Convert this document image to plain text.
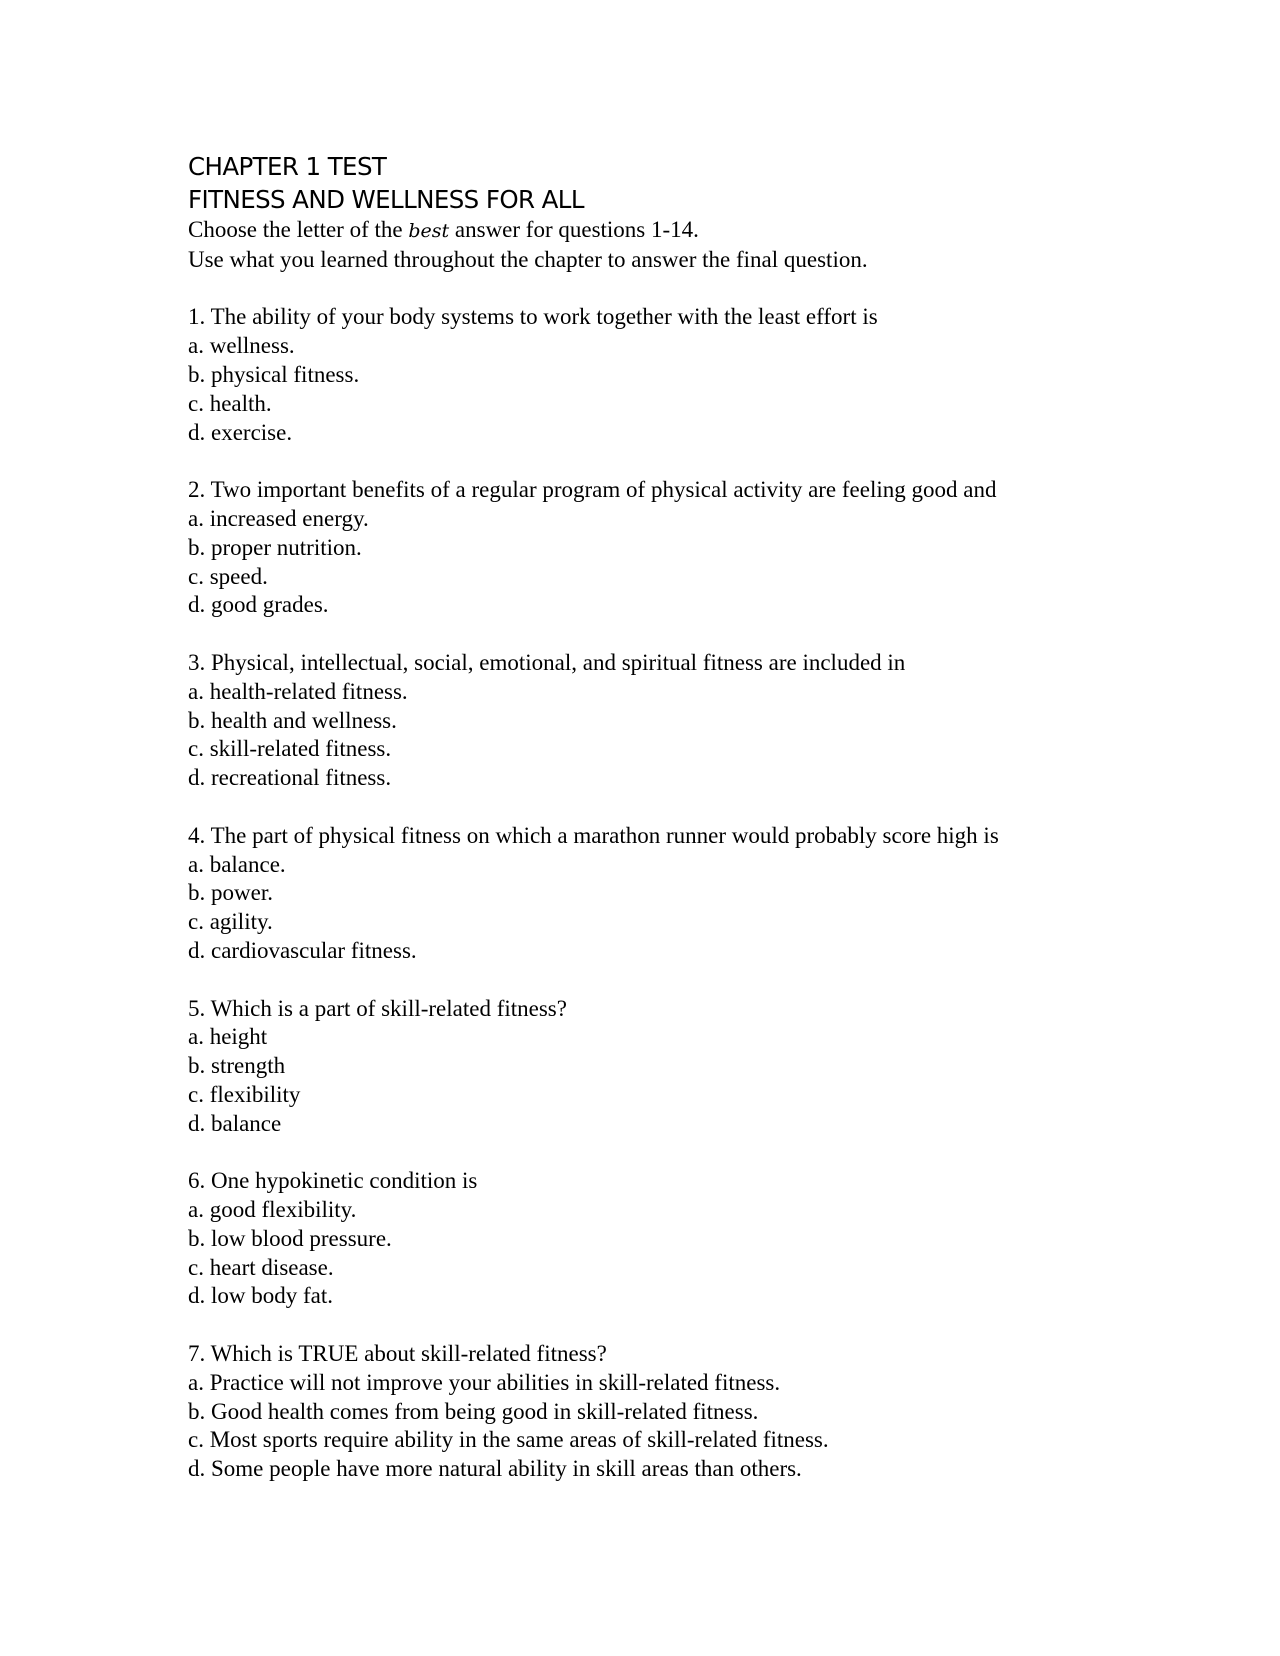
CHAPTER 1 TEST
FITNESS AND WELLNESS FOR ALL

Choose the letter of the best answer for questions 1-14.

Use what you learned throughout the chapter to answer the final question.

1. The ability of your body systems to work together with the least effort is

a. wellness.

b. physical fitness.

c. health.

d. exercise.

2. Two important benefits of a regular program of physical activity are feeling good and

a. increased energy.

b. proper nutrition.

c. speed.

d. good grades.

3. Physical, intellectual, social, emotional, and spiritual fitness are included in

a. health-related fitness.

b. health and wellness.

c. skill-related fitness.

d. recreational fitness.

4. The part of physical fitness on which a marathon runner would probably score high is

a. balance.

b. power.

c. agility.

d. cardiovascular fitness.

5. Which is a part of skill-related fitness?

a. height

b. strength

c. flexibility

d. balance

6. One hypokinetic condition is

a. good flexibility.

b. low blood pressure.

c. heart disease.

d. low body fat.

7. Which is TRUE about skill-related fitness?

a. Practice will not improve your abilities in skill-related fitness.

b. Good health comes from being good in skill-related fitness.

c. Most sports require ability in the same areas of skill-related fitness.

d. Some people have more natural ability in skill areas than others.
